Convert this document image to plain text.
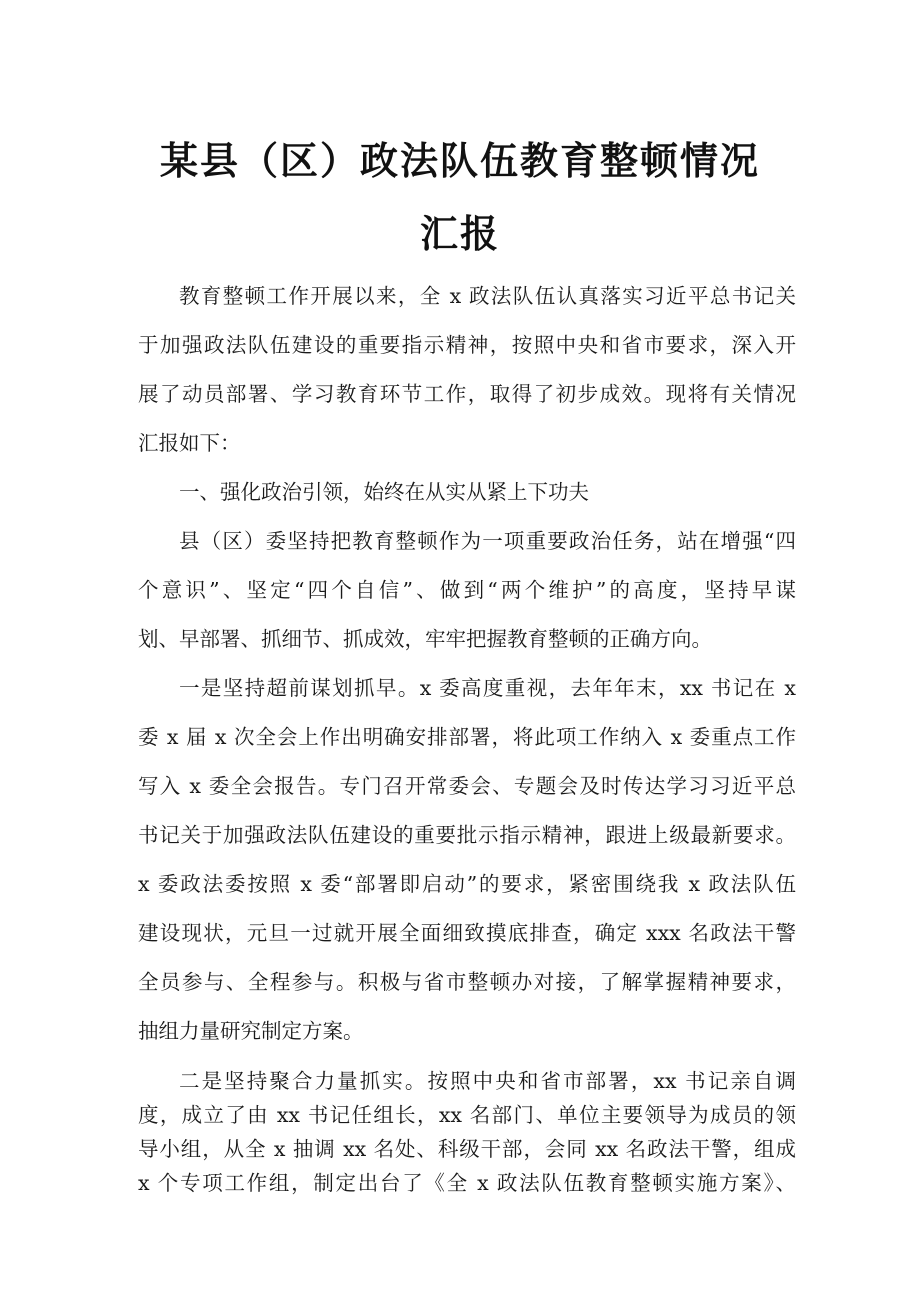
某县（区）政法队伍教育整顿情况
汇报
教育整顿工作开展以来，全 x 政法队伍认真落实习近平总书记关
于加强政法队伍建设的重要指示精神，按照中央和省市要求，深入开
展了动员部署、学习教育环节工作，取得了初步成效。现将有关情况
汇报如下：
一、强化政治引领，始终在从实从紧上下功夫
县（区）委坚持把教育整顿作为一项重要政治任务，站在增强“四
个意识”、坚定“四个自信”、做到“两个维护”的高度，坚持早谋
划、早部署、抓细节、抓成效，牢牢把握教育整顿的正确方向。
一是坚持超前谋划抓早。x 委高度重视，去年年末，xx 书记在 x
委 x 届 x 次全会上作出明确安排部署，将此项工作纳入 x 委重点工作
写入 x 委全会报告。专门召开常委会、专题会及时传达学习习近平总
书记关于加强政法队伍建设的重要批示指示精神，跟进上级最新要求。
x 委政法委按照 x 委“部署即启动”的要求，紧密围绕我 x 政法队伍
建设现状，元旦一过就开展全面细致摸底排查，确定 xxx 名政法干警
全员参与、全程参与。积极与省市整顿办对接，了解掌握精神要求，
抽组力量研究制定方案。
二是坚持聚合力量抓实。按照中央和省市部署，xx 书记亲自调
度，成立了由 xx 书记任组长，xx 名部门、单位主要领导为成员的领
导小组，从全 x 抽调 xx 名处、科级干部，会同 xx 名政法干警，组成
x 个专项工作组，制定出台了《全 x 政法队伍教育整顿实施方案》、
